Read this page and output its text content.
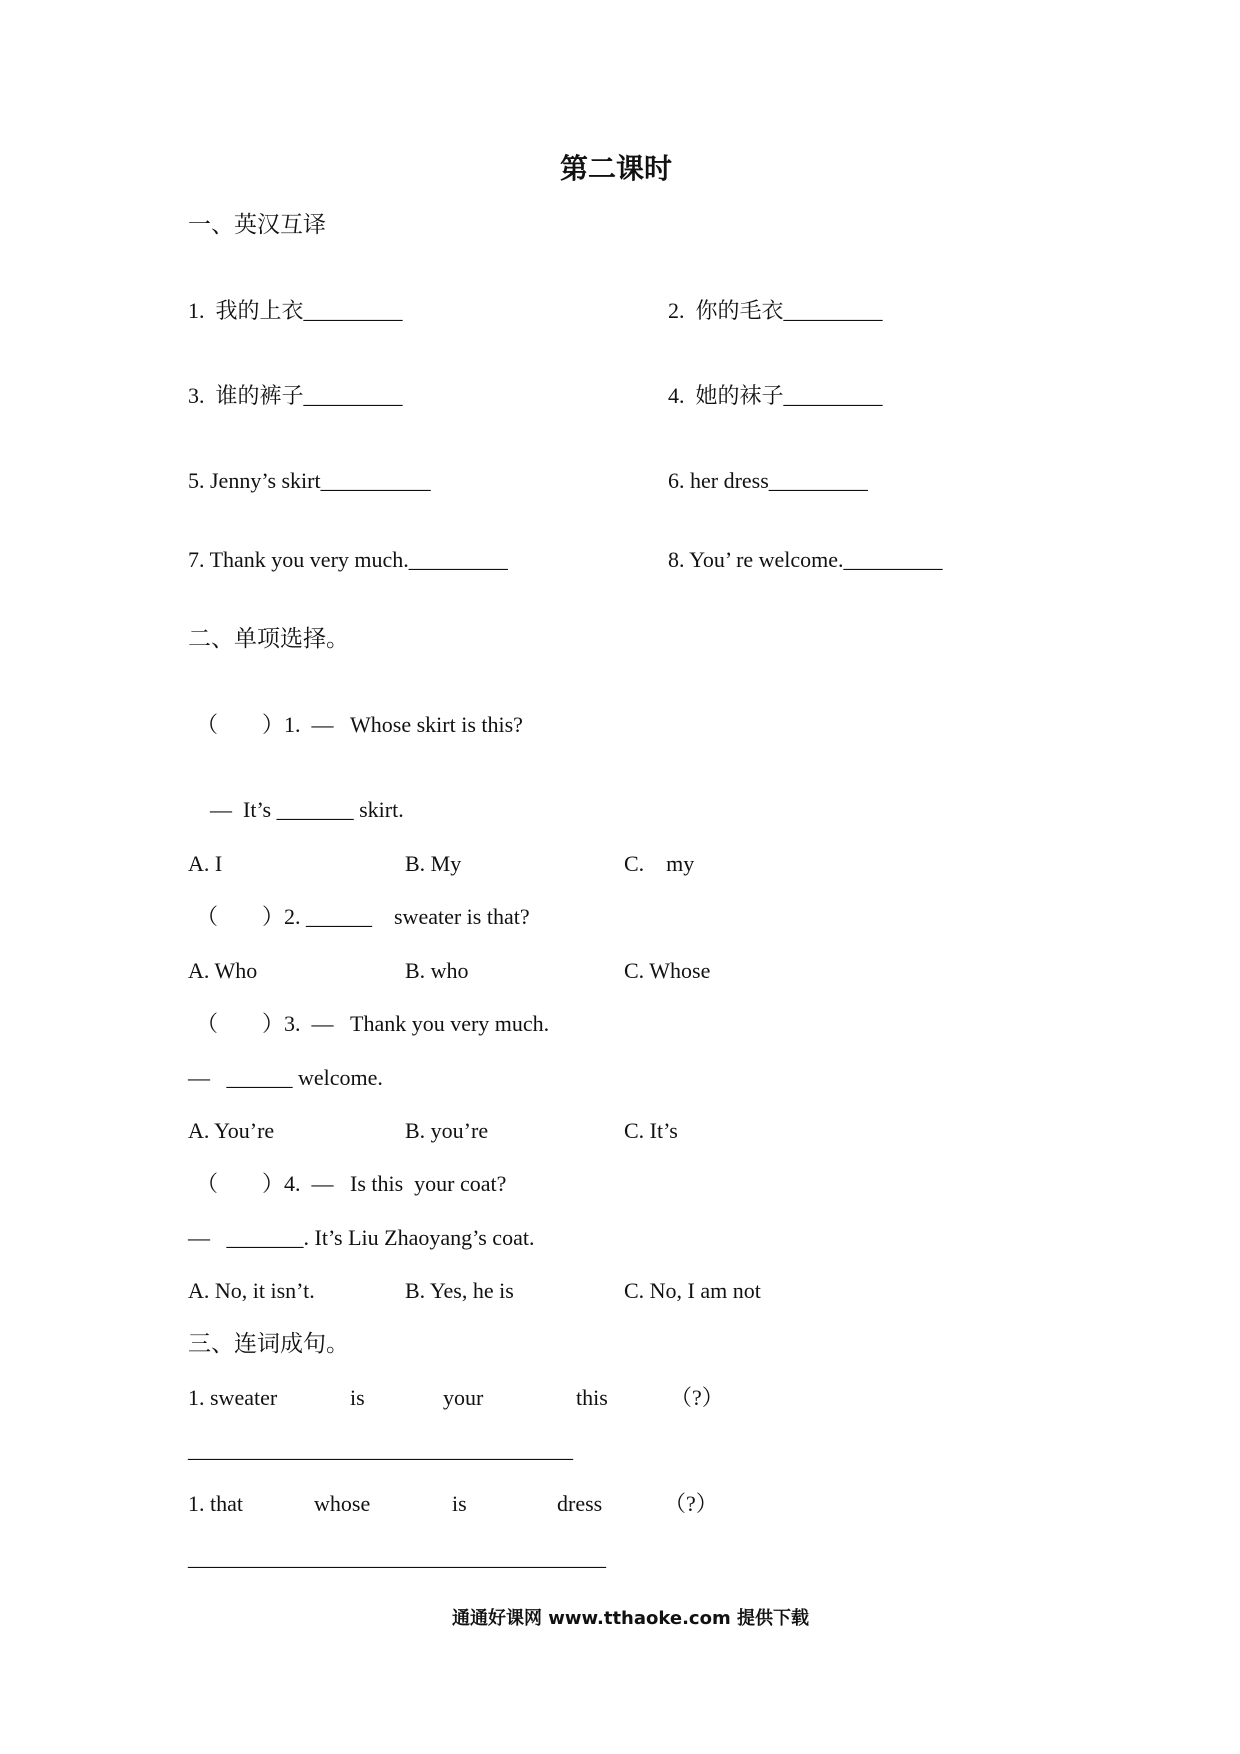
第二课时
一、英汉互译
1.  我的上衣_________	2.  你的毛衣_________
3.  谁的裤子_________	4.  她的袜子_________
5. Jenny’s skirt__________	6. her dress_________
7. Thank you very much._________	8. You’ re welcome._________
二、单项选择。
（        ）1.  —   Whose skirt is this?
—  It’s _______ skirt.
A. I	B. My	C.    my
（        ）2. ______    sweater is that?
A. Who	B. who	C. Whose
（        ）3.  —   Thank you very much.
—   ______ welcome.
A. You’re	B. you’re	C. It’s
（        ）4.  —   Is this  your coat?
—   _______. It’s Liu Zhaoyang’s coat.
A. No, it isn’t.	B. Yes, he is	C. No, I am not
三、连词成句。
1. sweater	is	your	this	（?）
___________________________________
1. that	whose	is	dress	（?）
______________________________________
通通好课网 www.tthaoke.com 提供下载
